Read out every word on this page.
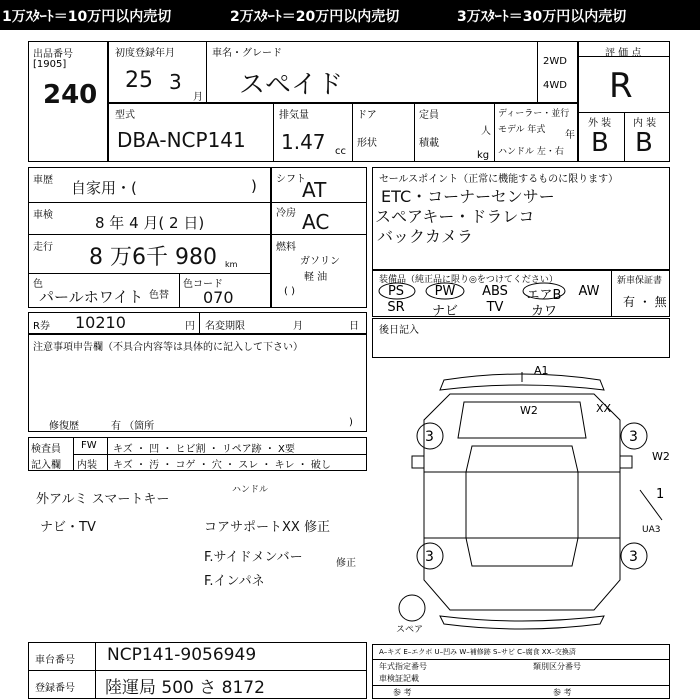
1万ｽﾀｰﾄ＝10万円以内売切	2万ｽﾀｰﾄ＝20万円以内売切	3万ｽﾀｰﾄ＝30万円以内売切
出品番号
[1905]
240
初度登録年月
25 3
月
車名・グレード
スペイド
2WD
4WD
評 価 点
R
外 装 内 装
B B
型式
DBA-NCP141
排気量
1.47 cc
ドア
形状
定員
人
積載
kg
ディーラー・並行
モデル 年式 年
ハンドル 左・右
車歴 自家用・(	)
車検	8 年 4 月( 2 日)
走行 8 万6千 980 km
色
パールホワイト 色替
色コード
070
シフト
AT
冷房 AC
燃料
ガソリン
軽 油
( )
セールスポイント（正常に機能するものに限ります）
ETC・コーナーセンサー
スペアキー・ドラレコ
バックカメラ
装備品（純正品に限り◎をつけてください）	新車保証書
有 ・ 無
PS	PW	ABS	エアB	AW
SR	ナビ	TV	カワ
R券 10210	円 名変期限	月	日
注意事項申告欄（不具合内容等は具体的に記入して下さい）
修復歴	有 （箇所	)
後日記入
検査員
記入欄
FW キズ ・ 凹 ・ ヒビ割 ・ リペア跡 ・ X要
内装 キズ ・ 汚 ・ コゲ ・ 穴 ・ スレ ・ キレ ・ 破し
ハンドル
外アルミ スマートキー
ナビ・TV	コアサポートXX 修正
F.サイドメンバー
F.インパネ
修正
車台番号 NCP141-9056949
登録番号 陸運局 500 さ 8172
A1
W2	XX
W2
1
UA3
3	3
3	3
スペア
A–キズ E–エクボ U–凹み W–補修跡 S–サビ C–腐食 XX–交換済
年式指定番号	類別区分番号
車検証記載
参 考	参 考
